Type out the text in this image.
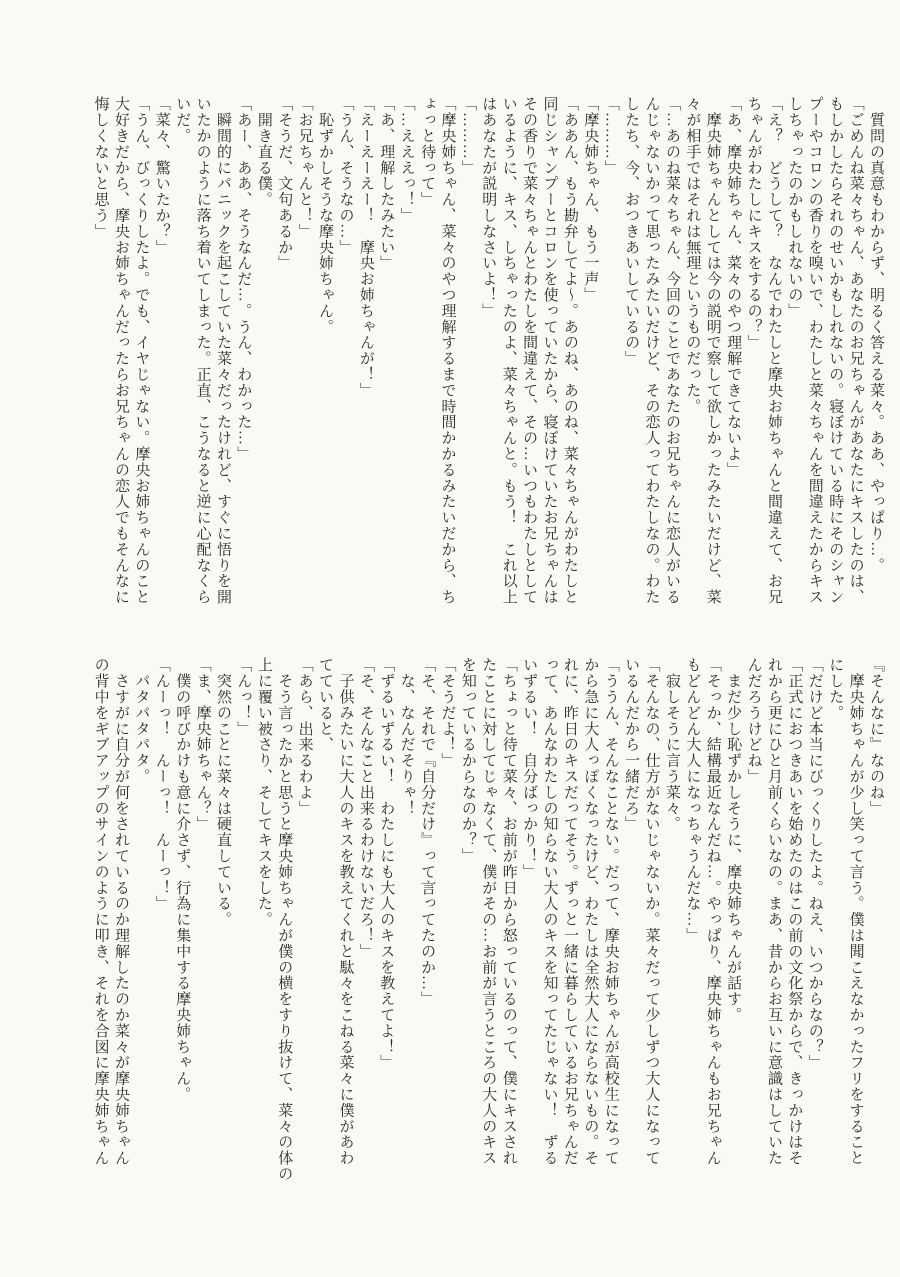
　質問の真意もわからず、明るく答える菜々。ああ、やっぱり…。
「ごめんね菜々ちゃん、あなたのお兄ちゃんがあなたにキスしたのは、
もしかしたらそれのせいかもしれないの。寝ぼけている時にそのシャン
プーやコロンの香りを嗅いで、わたしと菜々ちゃんを間違えたからキス
しちゃったのかもしれないの」
「え？　どうして？　なんでわたしと摩央お姉ちゃんと間違えて、お兄
ちゃんがわたしにキスをするの？」
「あ、摩央姉ちゃん、菜々のやつ理解できてないよ」
　摩央姉ちゃんとしては今の説明で察して欲しかったみたいだけど、菜
々が相手ではそれは無理というものだった。
「…あのね菜々ちゃん、今回のことであなたのお兄ちゃんに恋人がいる
んじゃないかって思ったみたいだけど、その恋人ってわたしなの。わた
したち、今、おつきあいしているの」
「………」
「摩央姉ちゃん、もう一声」
「ああん、もう勘弁してよ～。あのね、あのね、菜々ちゃんがわたしと
同じシャンプーとコロンを使っていたから、寝ぼけていたお兄ちゃんは
その香りで菜々ちゃんとわたしを間違えて、その…いつもわたしとして
いるように、キス、しちゃったのよ、菜々ちゃんと。もう！　これ以上
はあなたが説明しなさいよ！」
「………」
「摩央姉ちゃん、菜々のやつ理解するまで時間かかるみたいだから、ち
ょっと待って」
「…えええっ！」
「あ、理解したみたい」
「えーえーえー！　摩央お姉ちゃんが！」
「うん、そうなの…」
　恥ずかしそうな摩央姉ちゃん。
「お兄ちゃんと！」
「そうだ、文句あるか」
　開き直る僕。
「あー、ああ、そうなんだ…。うん、わかった…」
　瞬間的にパニックを起こしていた菜々だったけれど、すぐに悟りを開
いたかのように落ち着いてしまった。正直、こうなると逆に心配なくら
いだ。
「菜々、驚いたか？」
「うん、びっくりしたよ。でも、イヤじゃない。摩央お姉ちゃんのこと
大好きだから、摩央お姉ちゃんだったらお兄ちゃんの恋人でもそんなに
悔しくないと思う」
『そんなに』なのね」
　摩央姉ちゃんが少し笑って言う。僕は聞こえなかったフリをすること
にした。
「だけど本当にびっくりしたよ。ねえ、いつからなの？」
「正式におつきあいを始めたのはこの前の文化祭からで、きっかけはそ
れから更にひと月前くらいなの。まあ、昔からお互いに意識はしていた
んだろうけどね」
　まだ少し恥ずかしそうに、摩央姉ちゃんが話す。
「そっか、結構最近なんだね…。やっぱり、摩央姉ちゃんもお兄ちゃん
もどんどん大人になっちゃうんだな…」
　寂しそうに言う菜々。
「そんなの、仕方がないじゃないか。菜々だって少しずつ大人になって
いるんだから一緒だろ」
「ううん、そんなことない。だって、摩央お姉ちゃんが高校生になって
から急に大人っぽくなったけど、わたしは全然大人にならないもの。そ
れに、昨日のキスだってそう。ずっと一緒に暮らしているお兄ちゃんだ
って、あんなわたしの知らない大人のキスを知ってたじゃない！　ずる
いずるい！　自分ばっかり！」
「ちょっと待て菜々、お前が昨日から怒っているのって、僕にキスされ
たことに対してじゃなくて、僕がその…お前が言うところの大人のキス
を知っているからなのか？」
「そうだよ！」
「そ、それで『自分だけ』って言ってたのか…」
　な、なんだそりゃ！
「ずるいずるい！　わたしにも大人のキスを教えてよ！」
「そ、そんなこと出来るわけないだろ！」
　子供みたいに大人のキスを教えてくれと駄々をこねる菜々に僕があわ
てていると、
「あら、出来るわよ」
　そう言ったかと思うと摩央姉ちゃんが僕の横をすり抜けて、菜々の体の
上に覆い被さり、そしてキスをした。
「んっ！」
　突然のことに菜々は硬直している。
「ま、摩央姉ちゃん？」
　僕の呼びかけも意に介さず、行為に集中する摩央姉ちゃん。
「んーっ！　んーっ！　んーっ！」
　パタパタパタ。
　さすがに自分が何をされているのか理解したのか菜々が摩央姉ちゃん
の背中をギブアップのサインのように叩き、それを合図に摩央姉ちゃん
